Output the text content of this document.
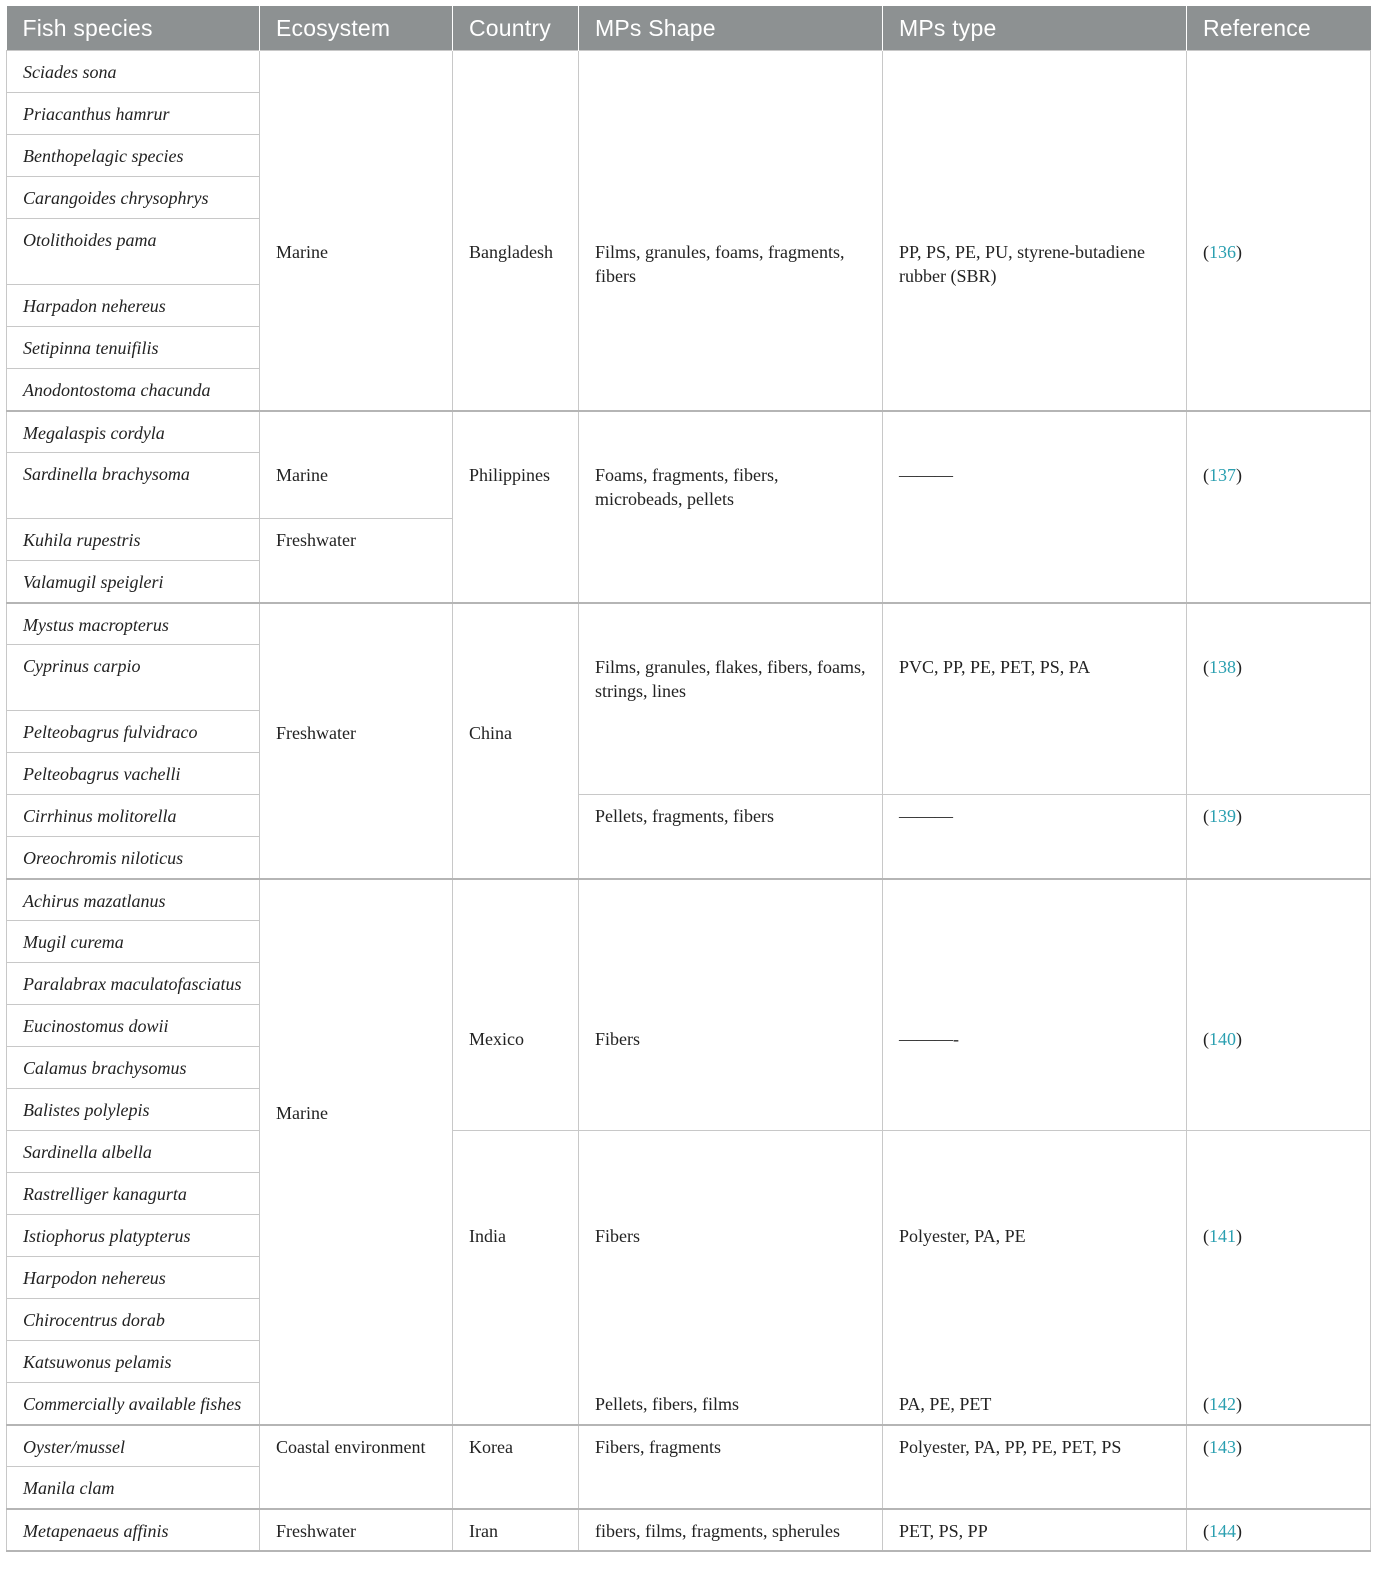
Fish species	Ecosystem	Country	MPs Shape	MPs type	Reference
Sciades sona	Marine	Bangladesh	Films, granules, foams, fragments, fibers	PP, PS, PE, PU, styrene-butadiene rubber (SBR)	(136)

Priacanthus hamrur					
Benthopelagic species					
Carangoides chrysophrys					
Otolithoides pama					
Harpadon nehereus					
Setipinna tenuifilis					
Anodontostoma chacunda					
Megalaspis cordyla	Marine	Philippines	Foams, fragments, fibers, microbeads, pellets	———	(137)

Sardinella brachysoma					
Kuhila rupestris	Freshwater				

Valamugil speigleri					
Mystus macropterus	Freshwater	China	Films, granules, flakes, fibers, foams, strings, lines	PVC, PP, PE, PET, PS, PA	(138)

Cyprinus carpio					
Pelteobagrus fulvidraco					
Pelteobagrus vachelli					
Cirrhinus molitorella			Pellets, fragments, fibers	———	(139)

Oreochromis niloticus					
Achirus mazatlanus	Marine	Mexico	Fibers	———-	(140)

Mugil curema					
Paralabrax maculatofasciatus					
Eucinostomus dowii					
Calamus brachysomus					
Balistes polylepis					
Sardinella albella		India	Fibers	Polyester, PA, PE	(141)

Rastrelliger kanagurta					
Istiophorus platypterus					
Harpodon nehereus					
Chirocentrus dorab					
Katsuwonus pelamis					
Commercially available fishes			Pellets, fibers, films	PA, PE, PET	(142)
Oyster/mussel	Coastal environment	Korea	Fibers, fragments	Polyester, PA, PP, PE, PET, PS	(143)

Manila clam					
Metapenaeus affinis	Freshwater	Iran	fibers, films, fragments, spherules	PET, PS, PP	(144)
